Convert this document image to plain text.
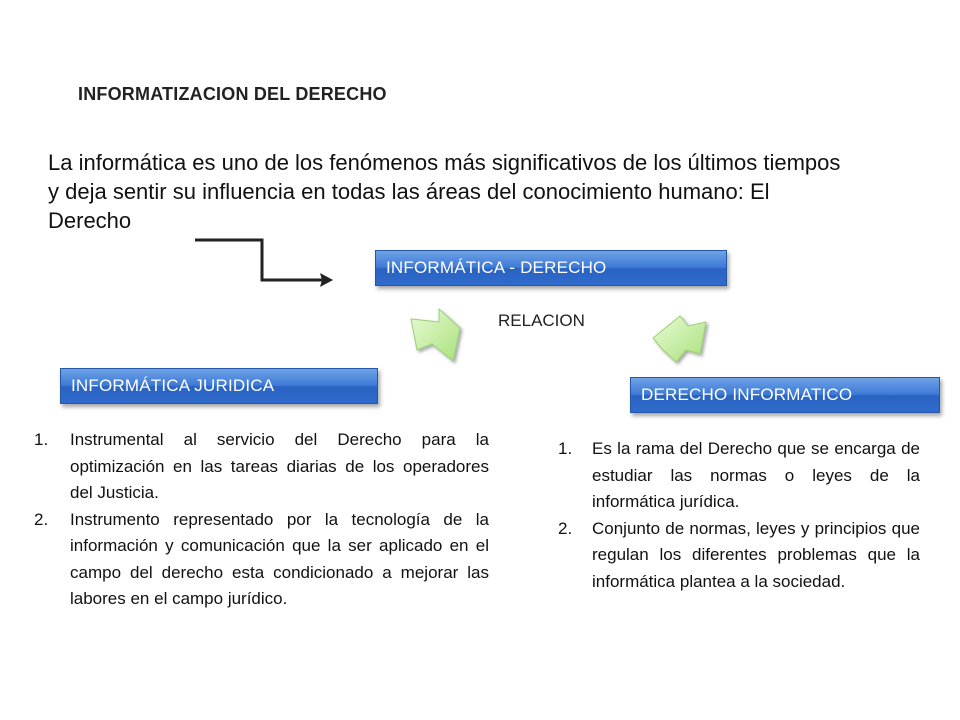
INFORMATIZACION DEL DERECHO
La informática es uno de los fenómenos más significativos de los últimos tiempos y deja sentir su influencia en todas las áreas del conocimiento humano: El Derecho
INFORMÁTICA - DERECHO
RELACION
INFORMÁTICA JURIDICA	DERECHO INFORMATICO
1. Instrumental al servicio del Derecho para la optimización en las tareas diarias de los operadores del Justicia.
2. Instrumento representado por la tecnología de la información y comunicación que la ser aplicado en el campo del derecho esta condicionado a mejorar las labores en el campo jurídico.
1. Es la rama del Derecho que se encarga de estudiar las normas o leyes de la informática jurídica.
2. Conjunto de normas, leyes y principios que regulan los diferentes problemas que la informática plantea a la sociedad.
